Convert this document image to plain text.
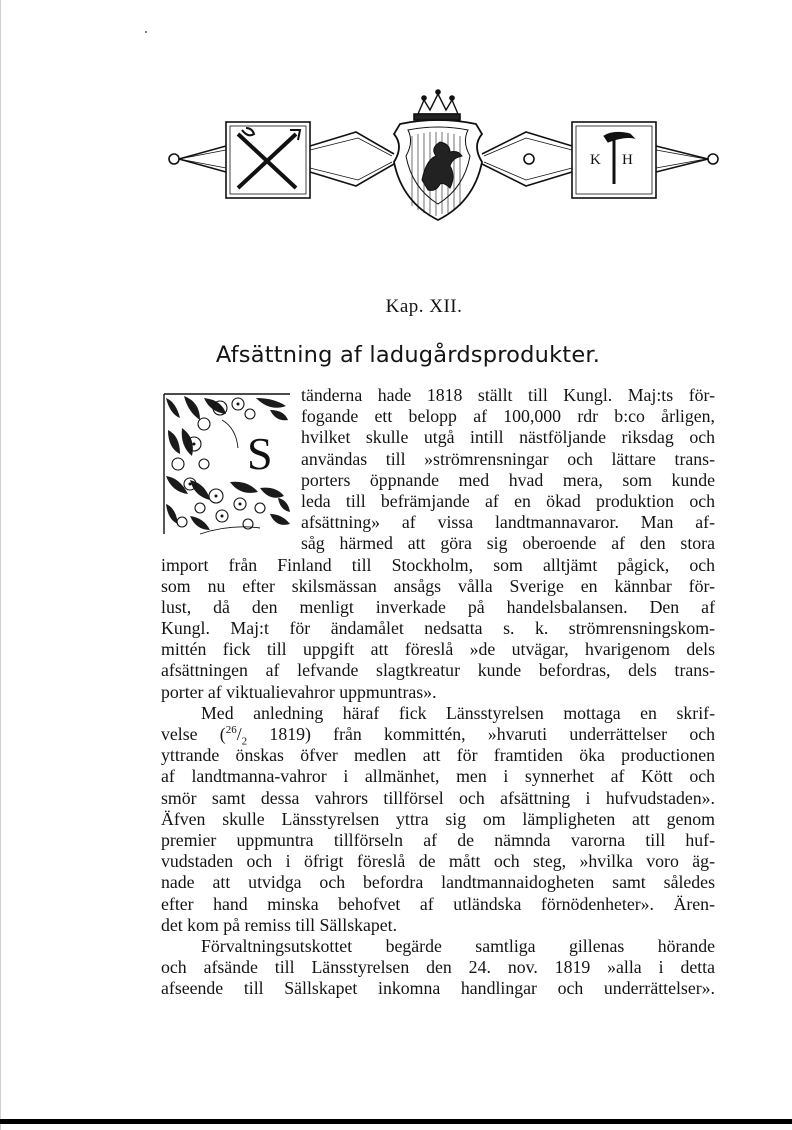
K H
Kap. XII.
Afsättning af ladugårdsprodukter.
S
tänderna hade 1818 ställt till Kungl. Maj:ts för-
fogande ett belopp af 100,000 rdr b:co årligen,
hvilket skulle utgå intill nästföljande riksdag och
användas till »strömrensningar och lättare trans-
porters öppnande med hvad mera, som kunde
leda till befrämjande af en ökad produktion och
afsättning» af vissa landtmannavaror. Man af-
såg härmed att göra sig oberoende af den stora
import från Finland till Stockholm, som alltjämt pågick, och
som nu efter skilsmässan ansågs vålla Sverige en kännbar för-
lust, då den menligt inverkade på handelsbalansen. Den af
Kungl. Maj:t för ändamålet nedsatta s. k. strömrensningskom-
mittén fick till uppgift att föreslå »de utvägar, hvarigenom dels
afsättningen af lefvande slagtkreatur kunde befordras, dels trans-
porter af viktualievahror uppmuntras».
Med anledning häraf fick Länsstyrelsen mottaga en skrif-
velse ($^{26}/_2$ 1819) från kommittén, »hvaruti underrättelser och
yttrande önskas öfver medlen att för framtiden öka productionen
af landtmanna-vahror i allmänhet, men i synnerhet af Kött och
smör samt dessa vahrors tillförsel och afsättning i hufvudstaden».
Äfven skulle Länsstyrelsen yttra sig om lämpligheten att genom
premier uppmuntra tillförseln af de nämnda varorna till huf-
vudstaden och i öfrigt föreslå de mått och steg, »hvilka voro äg-
nade att utvidga och befordra landtmannaidogheten samt således
efter hand minska behofvet af utländska förnödenheter». Ären-
det kom på remiss till Sällskapet.
Förvaltningsutskottet begärde samtliga gillenas hörande
och afsände till Länsstyrelsen den 24. nov. 1819 »alla i detta
afseende till Sällskapet inkomna handlingar och underrättelser».
